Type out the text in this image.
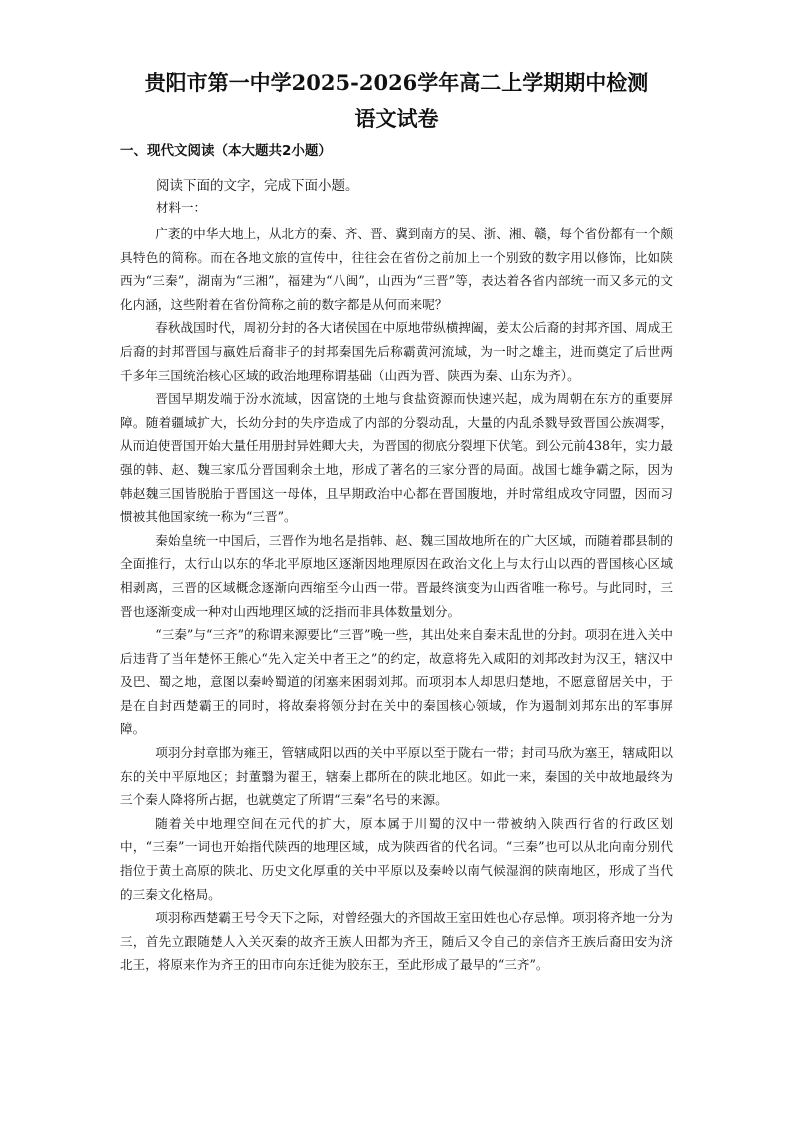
贵阳市第一中学2025-2026学年高二上学期期中检测
语文试卷
一、现代文阅读（本大题共2小题）
阅读下面的文字，完成下面小题。
材料一：

广袤的中华大地上，从北方的秦、齐、晋、冀到南方的吴、浙、湘、赣，每个省份都有一个颇具特色的简称。而在各地文旅的宣传中，往往会在省份之前加上一个别致的数字用以修饰，比如陕西为“三秦”，湖南为“三湘”，福建为“八闽”，山西为“三晋”等，表达着各省内部统一而又多元的文化内涵，这些附着在省份简称之前的数字都是从何而来呢？

春秋战国时代，周初分封的各大诸侯国在中原地带纵横捭阖，姜太公后裔的封邦齐国、周成王后裔的封邦晋国与嬴姓后裔非子的封邦秦国先后称霸黄河流域，为一时之雄主，进而奠定了后世两千多年三国统治核心区域的政治地理称谓基础（山西为晋、陕西为秦、山东为齐）。

晋国早期发端于汾水流域，因富饶的土地与食盐资源而快速兴起，成为周朝在东方的重要屏障。随着疆域扩大，长幼分封的失序造成了内部的分裂动乱，大量的内乱杀戮导致晋国公族凋零，从而迫使晋国开始大量任用册封异姓卿大夫，为晋国的彻底分裂埋下伏笔。到公元前438年，实力最强的韩、赵、魏三家瓜分晋国剩余土地，形成了著名的三家分晋的局面。战国七雄争霸之际，因为韩赵魏三国皆脱胎于晋国这一母体，且早期政治中心都在晋国腹地，并时常组成攻守同盟，因而习惯被其他国家统一称为“三晋”。

秦始皇统一中国后，三晋作为地名是指韩、赵、魏三国故地所在的广大区域，而随着郡县制的全面推行，太行山以东的华北平原地区逐渐因地理原因在政治文化上与太行山以西的晋国核心区域相剥离，三晋的区域概念逐渐向西缩至今山西一带。晋最终演变为山西省唯一称号。与此同时，三晋也逐渐变成一种对山西地理区域的泛指而非具体数量划分。

“三秦”与“三齐”的称谓来源要比“三晋”晚一些，其出处来自秦末乱世的分封。项羽在进入关中后违背了当年楚怀王熊心“先入定关中者王之”的约定，故意将先入咸阳的刘邦改封为汉王，辖汉中及巴、蜀之地，意图以秦岭蜀道的闭塞来困弱刘邦。而项羽本人却思归楚地，不愿意留居关中，于是在自封西楚霸王的同时，将故秦将领分封在关中的秦国核心领域，作为遏制刘邦东出的军事屏障。

项羽分封章邯为雍王，管辖咸阳以西的关中平原以至于陇右一带；封司马欣为塞王，辖咸阳以东的关中平原地区；封董翳为翟王，辖秦上郡所在的陕北地区。如此一来，秦国的关中故地最终为三个秦人降将所占据，也就奠定了所谓“三秦”名号的来源。

随着关中地理空间在元代的扩大，原本属于川蜀的汉中一带被纳入陕西行省的行政区划中，“三秦”一词也开始指代陕西的地理区域，成为陕西省的代名词。“三秦”也可以从北向南分别代指位于黄土高原的陕北、历史文化厚重的关中平原以及秦岭以南气候湿润的陕南地区，形成了当代的三秦文化格局。

项羽称西楚霸王号令天下之际，对曾经强大的齐国故王室田姓也心存忌惮。项羽将齐地一分为三，首先立跟随楚人入关灭秦的故齐王族人田都为齐王，随后又令自己的亲信齐王族后裔田安为济北王，将原来作为齐王的田市向东迁徙为胶东王，至此形成了最早的“三齐”。
